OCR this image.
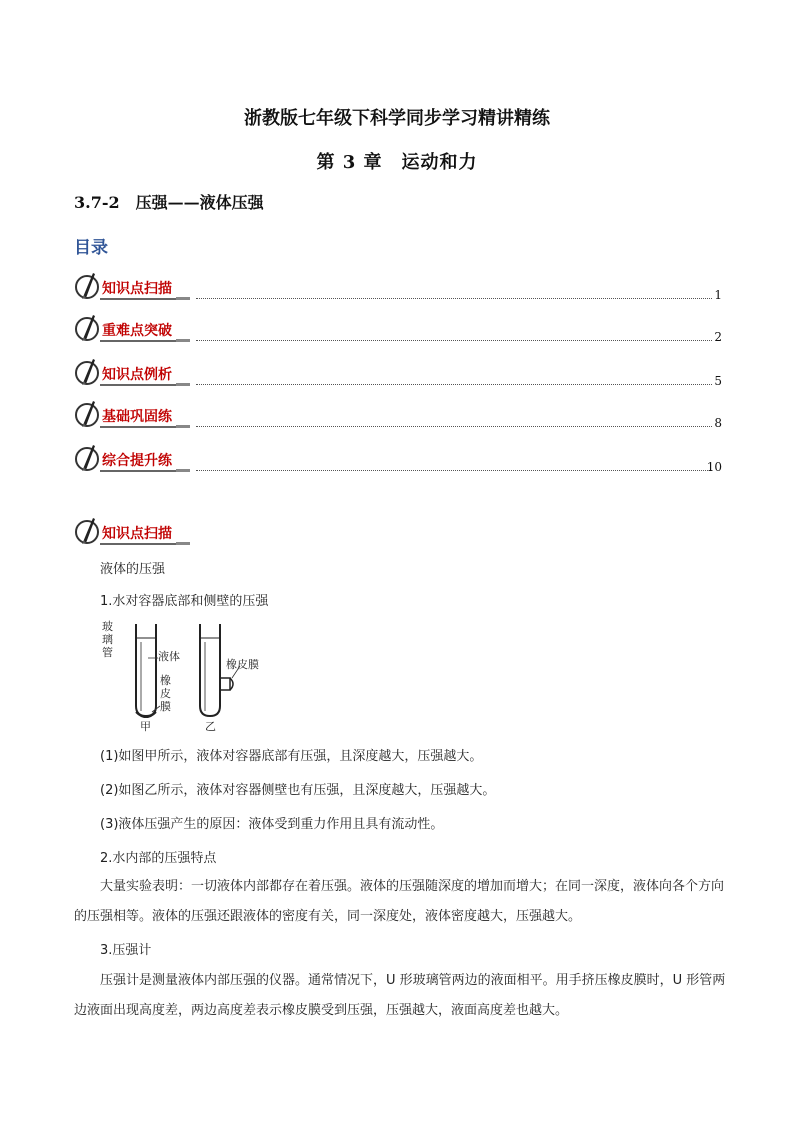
浙教版七年级下科学同步学习精讲精练
第 3 章　运动和力
3.7-2　压强——液体压强
目录
知识点扫描	1
重难点突破	2
知识点例析	5
基础巩固练	8
综合提升练	10
知识点扫描
液体的压强
1.水对容器底部和侧壁的压强
玻璃管	液体
橡皮膜
甲
橡皮膜
乙
(1)如图甲所示，液体对容器底部有压强，且深度越大，压强越大。
(2)如图乙所示，液体对容器侧壁也有压强，且深度越大，压强越大。
(3)液体压强产生的原因：液体受到重力作用且具有流动性。
2.水内部的压强特点
大量实验表明：一切液体内部都存在着压强。液体的压强随深度的增加而增大；在同一深度，液体向各个方向的压强相等。液体的压强还跟液体的密度有关，同一深度处，液体密度越大，压强越大。
3.压强计
压强计是测量液体内部压强的仪器。通常情况下，U 形玻璃管两边的液面相平。用手挤压橡皮膜时，U 形管两边液面出现高度差，两边高度差表示橡皮膜受到压强，压强越大，液面高度差也越大。
